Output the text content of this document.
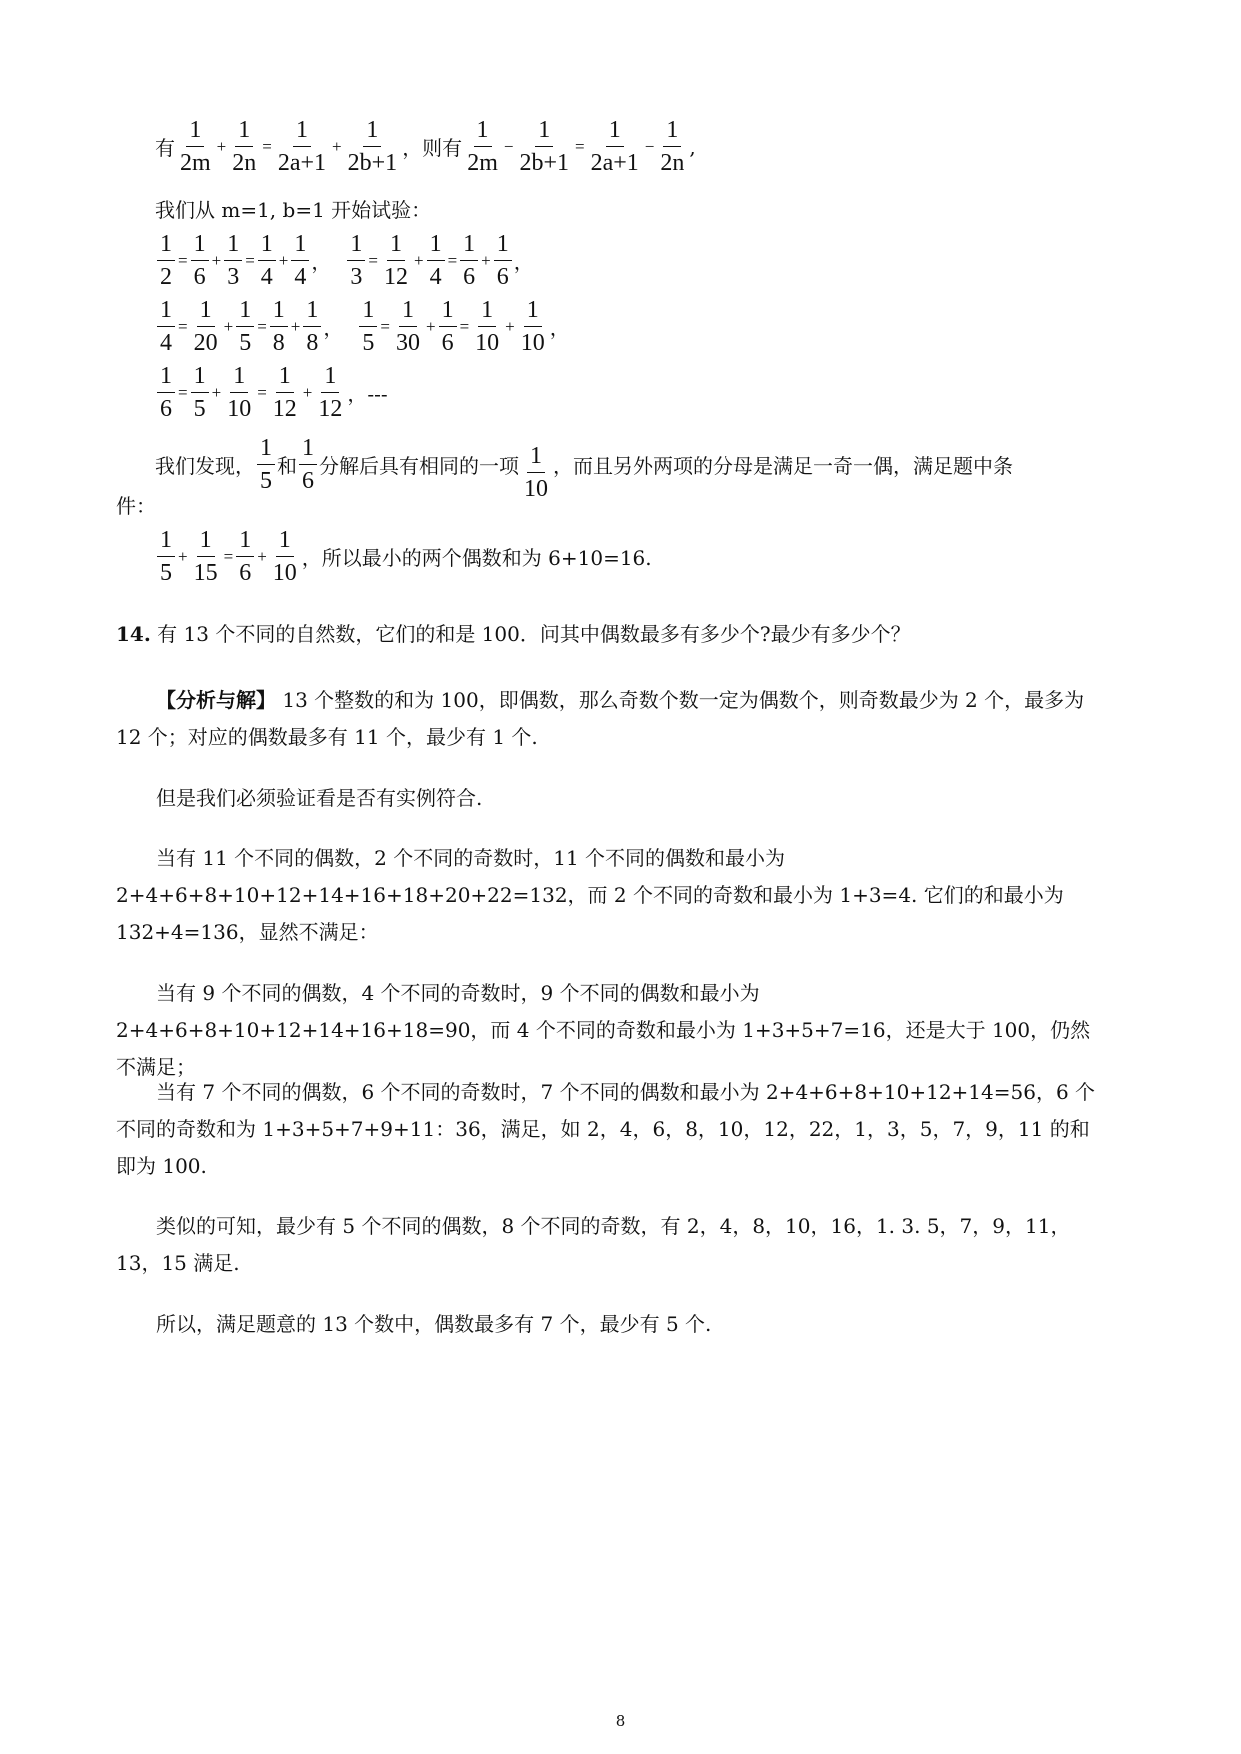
有 $\frac{1}{2m} + \frac{1}{2n} = \frac{1}{2a+1} + \frac{1}{2b+1}$ ，则有 $\frac{1}{2m} - \frac{1}{2b+1} = \frac{1}{2a+1} - \frac{1}{2n}$ ,
我们从 m=1, b=1 开始试验：
$\frac{1}{2} = \frac{1}{6} + \frac{1}{3} = \frac{1}{4} + \frac{1}{4}$ ， $\frac{1}{3} = \frac{1}{12} + \frac{1}{4} = \frac{1}{6} + \frac{1}{6}$ ，
$\frac{1}{4} = \frac{1}{20} + \frac{1}{5} = \frac{1}{8} + \frac{1}{8}$ ， $\frac{1}{5} = \frac{1}{30} + \frac{1}{6} = \frac{1}{10} + \frac{1}{10}$ ，
$\frac{1}{6} = \frac{1}{5} + \frac{1}{10} = \frac{1}{12} + \frac{1}{12}$ ，---
我们发现， $\frac{1}{5}$ 和 $\frac{1}{6}$ 分解后具有相同的一项 $\frac{1}{10}$ ，而且另外两项的分母是满足一奇一偶，满足题中条
件：
$\frac{1}{5} + \frac{1}{15} = \frac{1}{6} + \frac{1}{10}$ ，所以最小的两个偶数和为 6+10=16.
14. 有 13 个不同的自然数，它们的和是 100．问其中偶数最多有多少个?最少有多少个？
【分析与解】 13 个整数的和为 100，即偶数，那么奇数个数一定为偶数个，则奇数最少为 2 个，最多为 12 个；对应的偶数最多有 11 个，最少有 1 个.
但是我们必须验证看是否有实例符合.
当有 11 个不同的偶数，2 个不同的奇数时，11 个不同的偶数和最小为 2+4+6+8+10+12+14+16+18+20+22=132，而 2 个不同的奇数和最小为 1+3=4. 它们的和最小为 132+4=136，显然不满足：
当有 9 个不同的偶数，4 个不同的奇数时，9 个不同的偶数和最小为 2+4+6+8+10+12+14+16+18=90，而 4 个不同的奇数和最小为 1+3+5+7=16，还是大于 100，仍然不满足；
当有 7 个不同的偶数，6 个不同的奇数时，7 个不同的偶数和最小为 2+4+6+8+10+12+14=56，6 个不同的奇数和为 1+3+5+7+9+11：36，满足，如 2，4，6，8，10，12，22，1，3，5，7，9，11 的和即为 100.
类似的可知，最少有 5 个不同的偶数，8 个不同的奇数，有 2，4，8，10，16，1. 3. 5，7，9，11，13，15 满足.
所以，满足题意的 13 个数中，偶数最多有 7 个，最少有 5 个.
8
